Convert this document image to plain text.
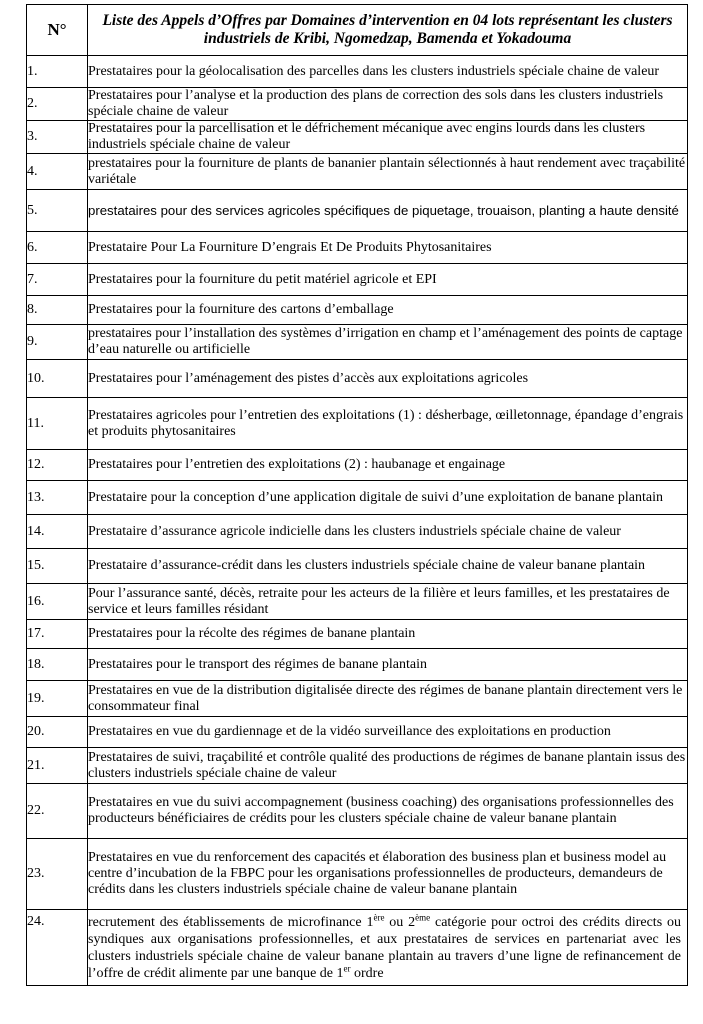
N°	Liste des Appels d’Offres par Domaines d’intervention en 04 lots représentant les clusters industriels de Kribi, Ngomedzap, Bamenda et Yokadouma
1.	Prestataires pour la géolocalisation des parcelles dans les clusters industriels spéciale chaine de valeur
2.	Prestataires pour l’analyse et la production des plans de correction des sols dans les clusters industriels spéciale chaine de valeur
3.	Prestataires pour la parcellisation et le défrichement mécanique avec engins lourds dans les clusters industriels spéciale chaine de valeur
4.	prestataires pour la fourniture de plants de bananier plantain sélectionnés à haut rendement avec traçabilité variétale
5.	prestataires pour des services agricoles spécifiques de piquetage, trouaison, planting a haute densité
6.	Prestataire Pour La Fourniture D’engrais Et De Produits Phytosanitaires
7.	Prestataires pour la fourniture du petit matériel agricole et EPI
8.	Prestataires pour la fourniture des cartons d’emballage
9.	prestataires pour l’installation des systèmes d’irrigation en champ et l’aménagement des points de captage d’eau naturelle ou artificielle
10.	Prestataires pour l’aménagement des pistes d’accès aux exploitations agricoles
11.	Prestataires agricoles pour l’entretien des exploitations (1) : désherbage, œilletonnage, épandage d’engrais et produits phytosanitaires
12.	Prestataires pour l’entretien des exploitations (2) : haubanage et engainage
13.	Prestataire pour la conception d’une application digitale de suivi d’une exploitation de banane plantain
14.	Prestataire d’assurance agricole indicielle dans les clusters industriels spéciale chaine de valeur
15.	Prestataire d’assurance-crédit dans les clusters industriels spéciale chaine de valeur banane plantain
16.	Pour l’assurance santé, décès, retraite pour les acteurs de la filière et leurs familles, et les prestataires de service et leurs familles résidant
17.	Prestataires pour la récolte des régimes de banane plantain
18.	Prestataires pour le transport des régimes de banane plantain
19.	Prestataires en vue de la distribution digitalisée directe des régimes de banane plantain directement vers le consommateur final
20.	Prestataires en vue du gardiennage et de la vidéo surveillance des exploitations en production
21.	Prestataires de suivi, traçabilité et contrôle qualité des productions de régimes de banane plantain issus des clusters industriels spéciale chaine de valeur
22.	Prestataires en vue du suivi accompagnement (business coaching) des organisations professionnelles des producteurs bénéficiaires de crédits pour les clusters spéciale chaine de valeur banane plantain
23.	Prestataires en vue du renforcement des capacités et élaboration des business plan et business model au centre d’incubation de la FBPC pour les organisations professionnelles de producteurs, demandeurs de crédits dans les clusters industriels spéciale chaine de valeur banane plantain
24.	recrutement des établissements de microfinance 1ère ou 2ème catégorie pour octroi des crédits directs ou syndiques aux organisations professionnelles, et aux prestataires de services en partenariat avec les clusters industriels spéciale chaine de valeur banane plantain au travers d’une ligne de refinancement de l’offre de crédit alimente par une banque de 1er ordre
